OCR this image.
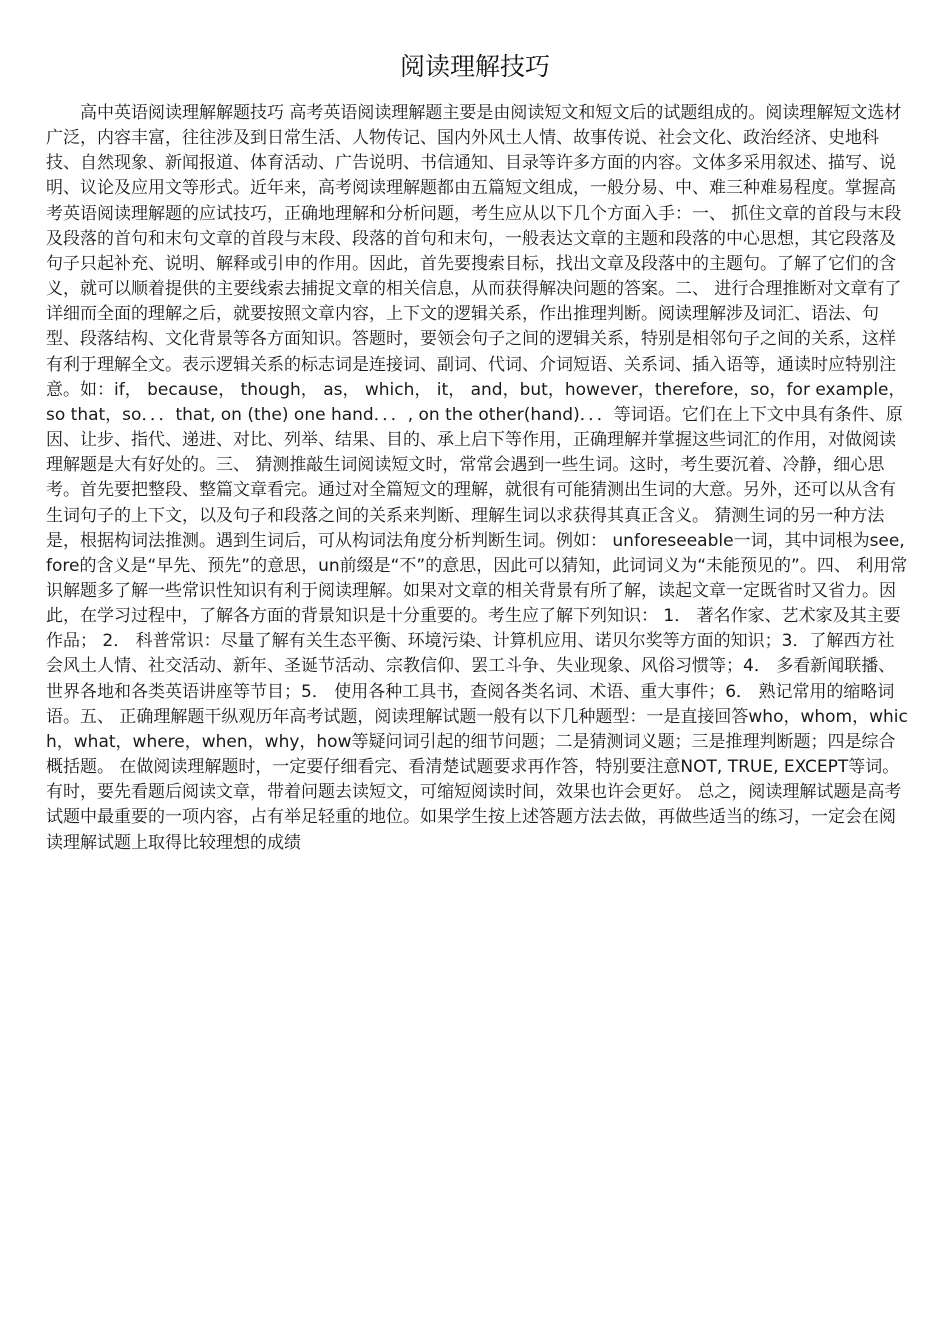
阅读理解技巧
高中英语阅读理解解题技巧 高考英语阅读理解题主要是由阅读短文和短文后的试题组成的。阅读理解短文选材广泛，内容丰富，往往涉及到日常生活、人物传记、国内外风土人情、故事传说、社会文化、政治经济、史地科技、自然现象、新闻报道、体育活动、广告说明、书信通知、目录等许多方面的内容。文体多采用叙述、描写、说明、议论及应用文等形式。近年来，高考阅读理解题都由五篇短文组成，一般分易、中、难三种难易程度。掌握高考英语阅读理解题的应试技巧，正确地理解和分析问题，考生应从以下几个方面入手：一、 抓住文章的首段与末段及段落的首句和末句文章的首段与末段、段落的首句和末句，一般表达文章的主题和段落的中心思想，其它段落及句子只起补充、说明、解释或引申的作用。因此，首先要搜索目标，找出文章及段落中的主题句。了解了它们的含义，就可以顺着提供的主要线索去捕捉文章的相关信息，从而获得解决问题的答案。二、 进行合理推断对文章有了详细而全面的理解之后，就要按照文章内容，上下文的逻辑关系，作出推理判断。阅读理解涉及词汇、语法、句型、段落结构、文化背景等各方面知识。答题时，要领会句子之间的逻辑关系，特别是相邻句子之间的关系，这样有利于理解全文。表示逻辑关系的标志词是连接词、副词、代词、介词短语、关系词、插入语等，通读时应特别注意。如：if， because， though， as， which， it， and，but，however，therefore，so，for example， so that，so．．．that, on (the) one hand．．．, on the other(hand)．．．等词语。它们在上下文中具有条件、原因、让步、指代、递进、对比、列举、结果、目的、承上启下等作用，正确理解并掌握这些词汇的作用，对做阅读理解题是大有好处的。三、 猜测推敲生词阅读短文时，常常会遇到一些生词。这时，考生要沉着、冷静，细心思考。首先要把整段、整篇文章看完。通过对全篇短文的理解，就很有可能猜测出生词的大意。另外，还可以从含有生词句子的上下文，以及句子和段落之间的关系来判断、理解生词以求获得其真正含义。 猜测生词的另一种方法是，根据构词法推测。遇到生词后，可从构词法角度分析判断生词。例如： unforeseeable一词，其中词根为see, fore的含义是“早先、预先”的意思，un前缀是“不”的意思，因此可以猜知，此词词义为“未能预见的”。四、 利用常识解题多了解一些常识性知识有利于阅读理解。如果对文章的相关背景有所了解，读起文章一定既省时又省力。因此，在学习过程中，了解各方面的背景知识是十分重要的。考生应了解下列知识： 1． 著名作家、艺术家及其主要作品； 2． 科普常识：尽量了解有关生态平衡、环境污染、计算机应用、诺贝尔奖等方面的知识；3．了解西方社会风土人情、社交活动、新年、圣诞节活动、宗教信仰、罢工斗争、失业现象、风俗习惯等；4． 多看新闻联播、世界各地和各类英语讲座等节目；5． 使用各种工具书，查阅各类名词、术语、重大事件；6． 熟记常用的缩略词语。五、 正确理解题干纵观历年高考试题，阅读理解试题一般有以下几种题型：一是直接回答who，whom，which，what，where，when，why，how等疑问词引起的细节问题；二是猜测词义题；三是推理判断题；四是综合概括题。 在做阅读理解题时，一定要仔细看完、看清楚试题要求再作答，特别要注意NOT, TRUE, EXCEPT等词。有时，要先看题后阅读文章，带着问题去读短文，可缩短阅读时间，效果也许会更好。 总之，阅读理解试题是高考试题中最重要的一项内容，占有举足轻重的地位。如果学生按上述答题方法去做，再做些适当的练习，一定会在阅读理解试题上取得比较理想的成绩
